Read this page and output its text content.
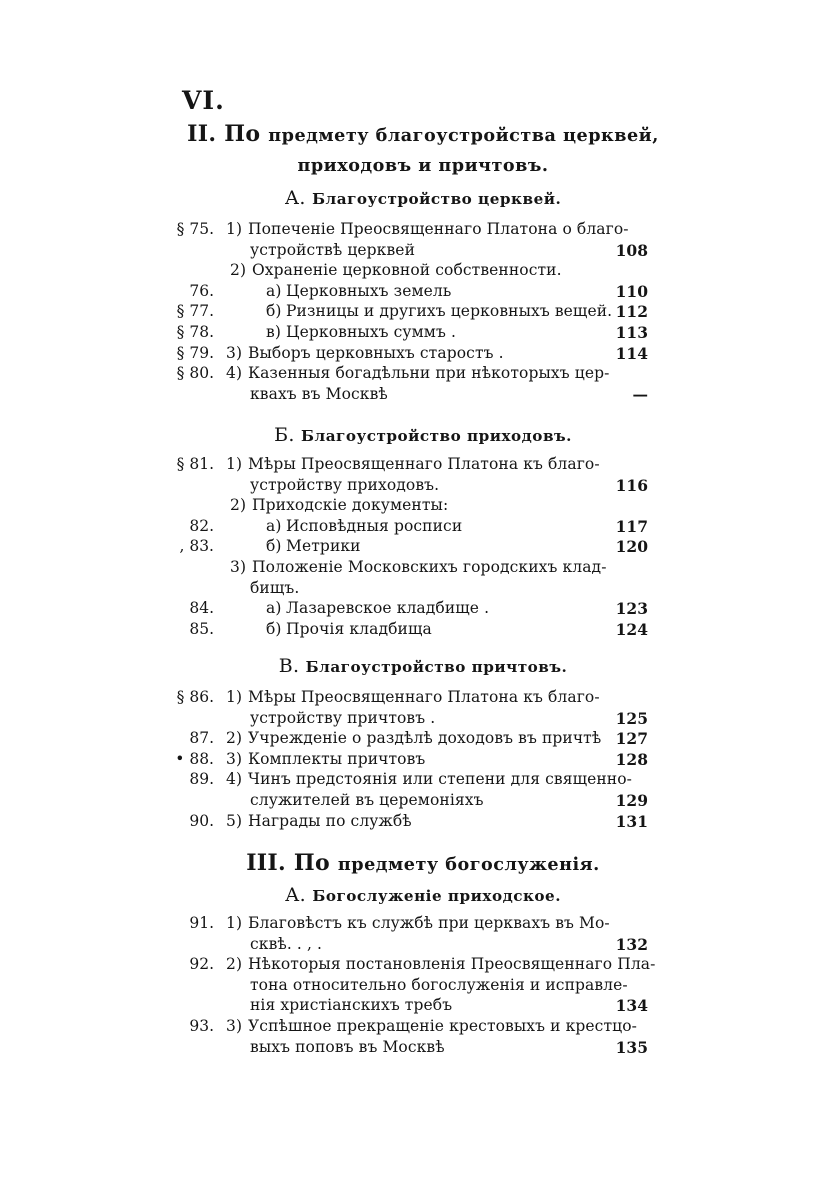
VI.
II. По предмету благоустройства церквей,
приходовъ и причтовъ.
А. Благоустройство церквей.
§ 75. 1) Попеченіе Преосвященнаго Платона о благо-
устройствѣ церквей	108
2) Охраненіе церковной собственности.
76.	а) Церковныхъ земель	110
§ 77.	б) Ризницы и другихъ церковныхъ вещей. 112
§ 78.	в) Церковныхъ суммъ .	113
§ 79. 3) Выборъ церковныхъ старостъ .	114
§ 80. 4) Казенныя богадѣльни при нѣкоторыхъ цер-
квахъ въ Москвѣ	—
Б. Благоустройство приходовъ.
§ 81. 1) Мѣры Преосвященнаго Платона къ благо-
устройству приходовъ.	116
2) Приходскіе документы:
82.	а) Исповѣдныя росписи	117
, 83.	б) Метрики	120
3) Положеніе Московскихъ городскихъ клад-
бищъ.
84.	а) Лазаревское кладбище .	123
85.	б) Прочія кладбища	124
В. Благоустройство причтовъ.
§ 86. 1) Мѣры Преосвященнаго Платона къ благо-
устройству причтовъ .	125
87. 2) Учрежденіе о раздѣлѣ доходовъ въ причтѣ 127
• 88. 3) Комплекты причтовъ	128
89. 4) Чинъ предстоянія или степени для священно-
служителей въ церемоніяхъ	129
90. 5) Награды по службѣ	131
III. По предмету богослуженія.
А. Богослуженіе приходское.
91. 1) Благовѣстъ къ службѣ при церквахъ въ Мо-
сквѣ. . , .	132
92. 2) Нѣкоторыя постановленія Преосвященнаго Пла-
тона относительно богослуженія и исправле-
нія христіанскихъ требъ	134
93. 3) Успѣшное прекращеніе крестовыхъ и крестцо-
выхъ поповъ въ Москвѣ	135
